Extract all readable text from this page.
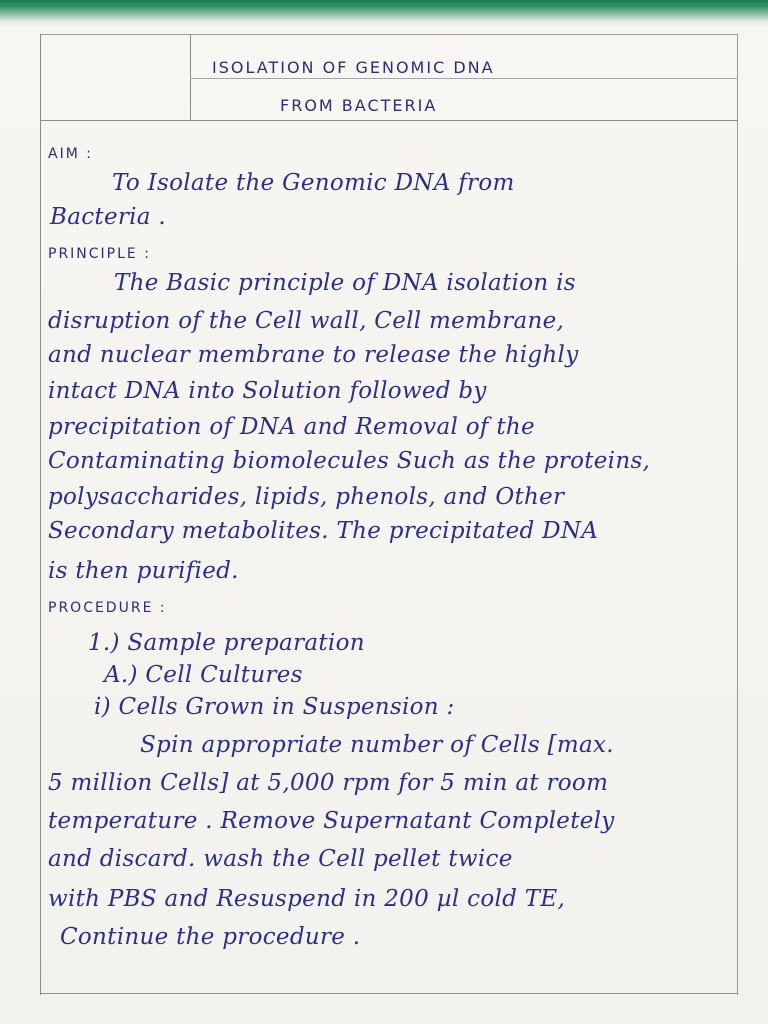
ISOLATION OF GENOMIC DNA
FROM BACTERIA
AIM :
To Isolate the Genomic DNA from
Bacteria .
PRINCIPLE :
The Basic principle of DNA isolation is
disruption of the Cell wall, Cell membrane,
and nuclear membrane to release the highly
intact DNA into Solution followed by
precipitation of DNA and Removal of the
Contaminating biomolecules Such as the proteins,
polysaccharides, lipids, phenols, and Other
Secondary metabolites. The precipitated DNA
is then purified.
PROCEDURE :
1.) Sample preparation
A.) Cell Cultures
i) Cells Grown in Suspension :
Spin appropriate number of Cells [max.
5 million Cells] at 5,000 rpm for 5 min at room
temperature . Remove Supernatant Completely
and discard. wash the Cell pellet twice
with PBS and Resuspend in 200 µl cold TE,
Continue the procedure .
